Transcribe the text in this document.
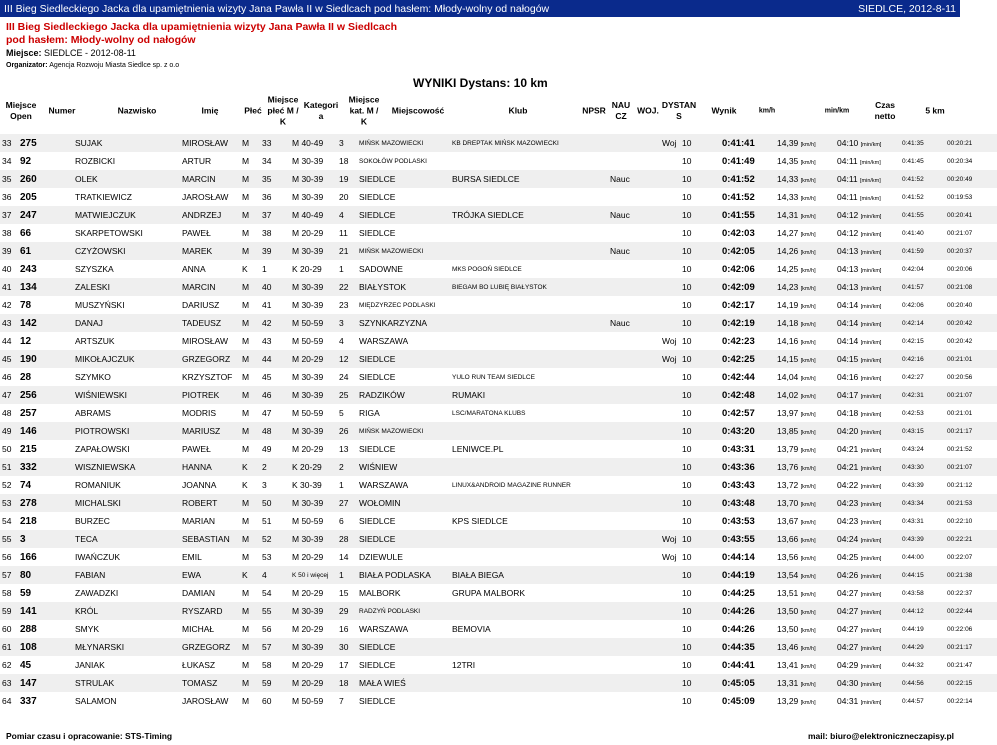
III Bieg Siedleckiego Jacka dla upamiętnienia wizyty Jana Pawła II w Siedlcach pod hasłem: Młody-wolny od nałogów	SIEDLCE, 2012-8-11
III Bieg Siedleckiego Jacka dla upamiętnienia wizyty Jana Pawła II w Siedlcach
pod hasłem: Młody-wolny od nałogów
Miejsce: SIEDLCE - 2012-08-11
Organizator: Agencja Rozwoju Miasta Siedlce sp. z o.o
WYNIKI Dystans: 10 km
Miejsce Open
Numer	Nazwisko	Imię	Płeć
Miejsce płeć M / K
Kategori a
Miejsce kat. M / K
Miejscowość	Klub	NPSR
NAU CZ
WOJ.
DYSTAN S
Wynik	km/h	min/km
Czas netto
5 km
33	275	SUJAK	MIROSŁAW	M	33	M 40-49	3	MIŃSK MAZOWIECKI	KB DREPTAK MIŃSK MAZOWIECKI			Woj	10	0:41:41	14,39 [km/h]	04:10 [min/km]	0:41:35	00:20:21
34	92	ROZBICKI	ARTUR	M	34	M 30-39	18	SOKOŁÓW PODLASKI					10	0:41:49	14,35 [km/h]	04:11 [min/km]	0:41:45	00:20:34
35	260	OLEK	MARCIN	M	35	M 30-39	19	SIEDLCE	BURSA SIEDLCE	Nauc			10	0:41:52	14,33 [km/h]	04:11 [min/km]	0:41:52	00:20:49
36	205	TRATKIEWICZ	JAROSŁAW	M	36	M 30-39	20	SIEDLCE					10	0:41:52	14,33 [km/h]	04:11 [min/km]	0:41:52	00:19:53
37	247	MATWIEJCZUK	ANDRZEJ	M	37	M 40-49	4	SIEDLCE	TRÓJKA SIEDLCE	Nauc			10	0:41:55	14,31 [km/h]	04:12 [min/km]	0:41:55	00:20:41
38	66	SKARPETOWSKI	PAWEŁ	M	38	M 20-29	11	SIEDLCE					10	0:42:03	14,27 [km/h]	04:12 [min/km]	0:41:40	00:21:07
39	61	CZYŻOWSKI	MAREK	M	39	M 30-39	21	MIŃSK MAZOWIECKI		Nauc			10	0:42:05	14,26 [km/h]	04:13 [min/km]	0:41:59	00:20:37
40	243	SZYSZKA	ANNA	K	1	K 20-29	1	SADOWNE	MKS POGOŃ SIEDLCE				10	0:42:06	14,25 [km/h]	04:13 [min/km]	0:42:04	00:20:06
41	134	ZALESKI	MARCIN	M	40	M 30-39	22	BIAŁYSTOK	BIEGAM BO LUBIĘ BIAŁYSTOK				10	0:42:09	14,23 [km/h]	04:13 [min/km]	0:41:57	00:21:08
42	78	MUSZYŃSKI	DARIUSZ	M	41	M 30-39	23	MIĘDZYRZEC PODLASKI					10	0:42:17	14,19 [km/h]	04:14 [min/km]	0:42:06	00:20:40
43	142	DANAJ	TADEUSZ	M	42	M 50-59	3	SZYNKARZYZNA		Nauc			10	0:42:19	14,18 [km/h]	04:14 [min/km]	0:42:14	00:20:42
44	12	ARTSZUK	MIROSŁAW	M	43	M 50-59	4	WARSZAWA				Woj	10	0:42:23	14,16 [km/h]	04:14 [min/km]	0:42:15	00:20:42
45	190	MIKOŁAJCZUK	GRZEGORZ	M	44	M 20-29	12	SIEDLCE				Woj	10	0:42:25	14,15 [km/h]	04:15 [min/km]	0:42:16	00:21:01
46	28	SZYMKO	KRZYSZTOF	M	45	M 30-39	24	SIEDLCE	YULO RUN TEAM SIEDLCE				10	0:42:44	14,04 [km/h]	04:16 [min/km]	0:42:27	00:20:56
47	256	WIŚNIEWSKI	PIOTREK	M	46	M 30-39	25	RADZIKÓW	RUMAKI				10	0:42:48	14,02 [km/h]	04:17 [min/km]	0:42:31	00:21:07
48	257	ABRAMS	MODRIS	M	47	M 50-59	5	RIGA	LSC/MARATONA KLUBS				10	0:42:57	13,97 [km/h]	04:18 [min/km]	0:42:53	00:21:01
49	146	PIOTROWSKI	MARIUSZ	M	48	M 30-39	26	MIŃSK MAZOWIECKI					10	0:43:20	13,85 [km/h]	04:20 [min/km]	0:43:15	00:21:17
50	215	ZAPAŁOWSKI	PAWEŁ	M	49	M 20-29	13	SIEDLCE	LENIWCE.PL				10	0:43:31	13,79 [km/h]	04:21 [min/km]	0:43:24	00:21:52
51	332	WISZNIEWSKA	HANNA	K	2	K 20-29	2	WIŚNIEW					10	0:43:36	13,76 [km/h]	04:21 [min/km]	0:43:30	00:21:07
52	74	ROMANIUK	JOANNA	K	3	K 30-39	1	WARSZAWA	LINUX&ANDROID MAGAZINE RUNNER				10	0:43:43	13,72 [km/h]	04:22 [min/km]	0:43:39	00:21:12
53	278	MICHALSKI	ROBERT	M	50	M 30-39	27	WOŁOMIN					10	0:43:48	13,70 [km/h]	04:23 [min/km]	0:43:34	00:21:53
54	218	BURZEC	MARIAN	M	51	M 50-59	6	SIEDLCE	KPS SIEDLCE				10	0:43:53	13,67 [km/h]	04:23 [min/km]	0:43:31	00:22:10
55	3	TECA	SEBASTIAN	M	52	M 30-39	28	SIEDLCE				Woj	10	0:43:55	13,66 [km/h]	04:24 [min/km]	0:43:39	00:22:21
56	166	IWAŃCZUK	EMIL	M	53	M 20-29	14	DZIEWULE				Woj	10	0:44:14	13,56 [km/h]	04:25 [min/km]	0:44:00	00:22:07
57	80	FABIAN	EWA	K	4	K 50 i więcej	1	BIAŁA PODLASKA	BIAŁA BIEGA				10	0:44:19	13,54 [km/h]	04:26 [min/km]	0:44:15	00:21:38
58	59	ZAWADZKI	DAMIAN	M	54	M 20-29	15	MALBORK	GRUPA MALBORK				10	0:44:25	13,51 [km/h]	04:27 [min/km]	0:43:58	00:22:37
59	141	KRÓL	RYSZARD	M	55	M 30-39	29	RADZYŃ PODLASKI					10	0:44:26	13,50 [km/h]	04:27 [min/km]	0:44:12	00:22:44
60	288	SMYK	MICHAŁ	M	56	M 20-29	16	WARSZAWA	BEMOVIA				10	0:44:26	13,50 [km/h]	04:27 [min/km]	0:44:19	00:22:06
61	108	MŁYNARSKI	GRZEGORZ	M	57	M 30-39	30	SIEDLCE					10	0:44:35	13,46 [km/h]	04:27 [min/km]	0:44:29	00:21:17
62	45	JANIAK	ŁUKASZ	M	58	M 20-29	17	SIEDLCE	12TRI				10	0:44:41	13,41 [km/h]	04:29 [min/km]	0:44:32	00:21:47
63	147	STRULAK	TOMASZ	M	59	M 20-29	18	MAŁA WIEŚ					10	0:45:05	13,31 [km/h]	04:30 [min/km]	0:44:56	00:22:15
64	337	SALAMON	JAROSŁAW	M	60	M 50-59	7	SIEDLCE					10	0:45:09	13,29 [km/h]	04:31 [min/km]	0:44:57	00:22:14
Pomiar czasu i opracowanie: STS-Timing	mail: biuro@elektroniczneczapisy.pl
